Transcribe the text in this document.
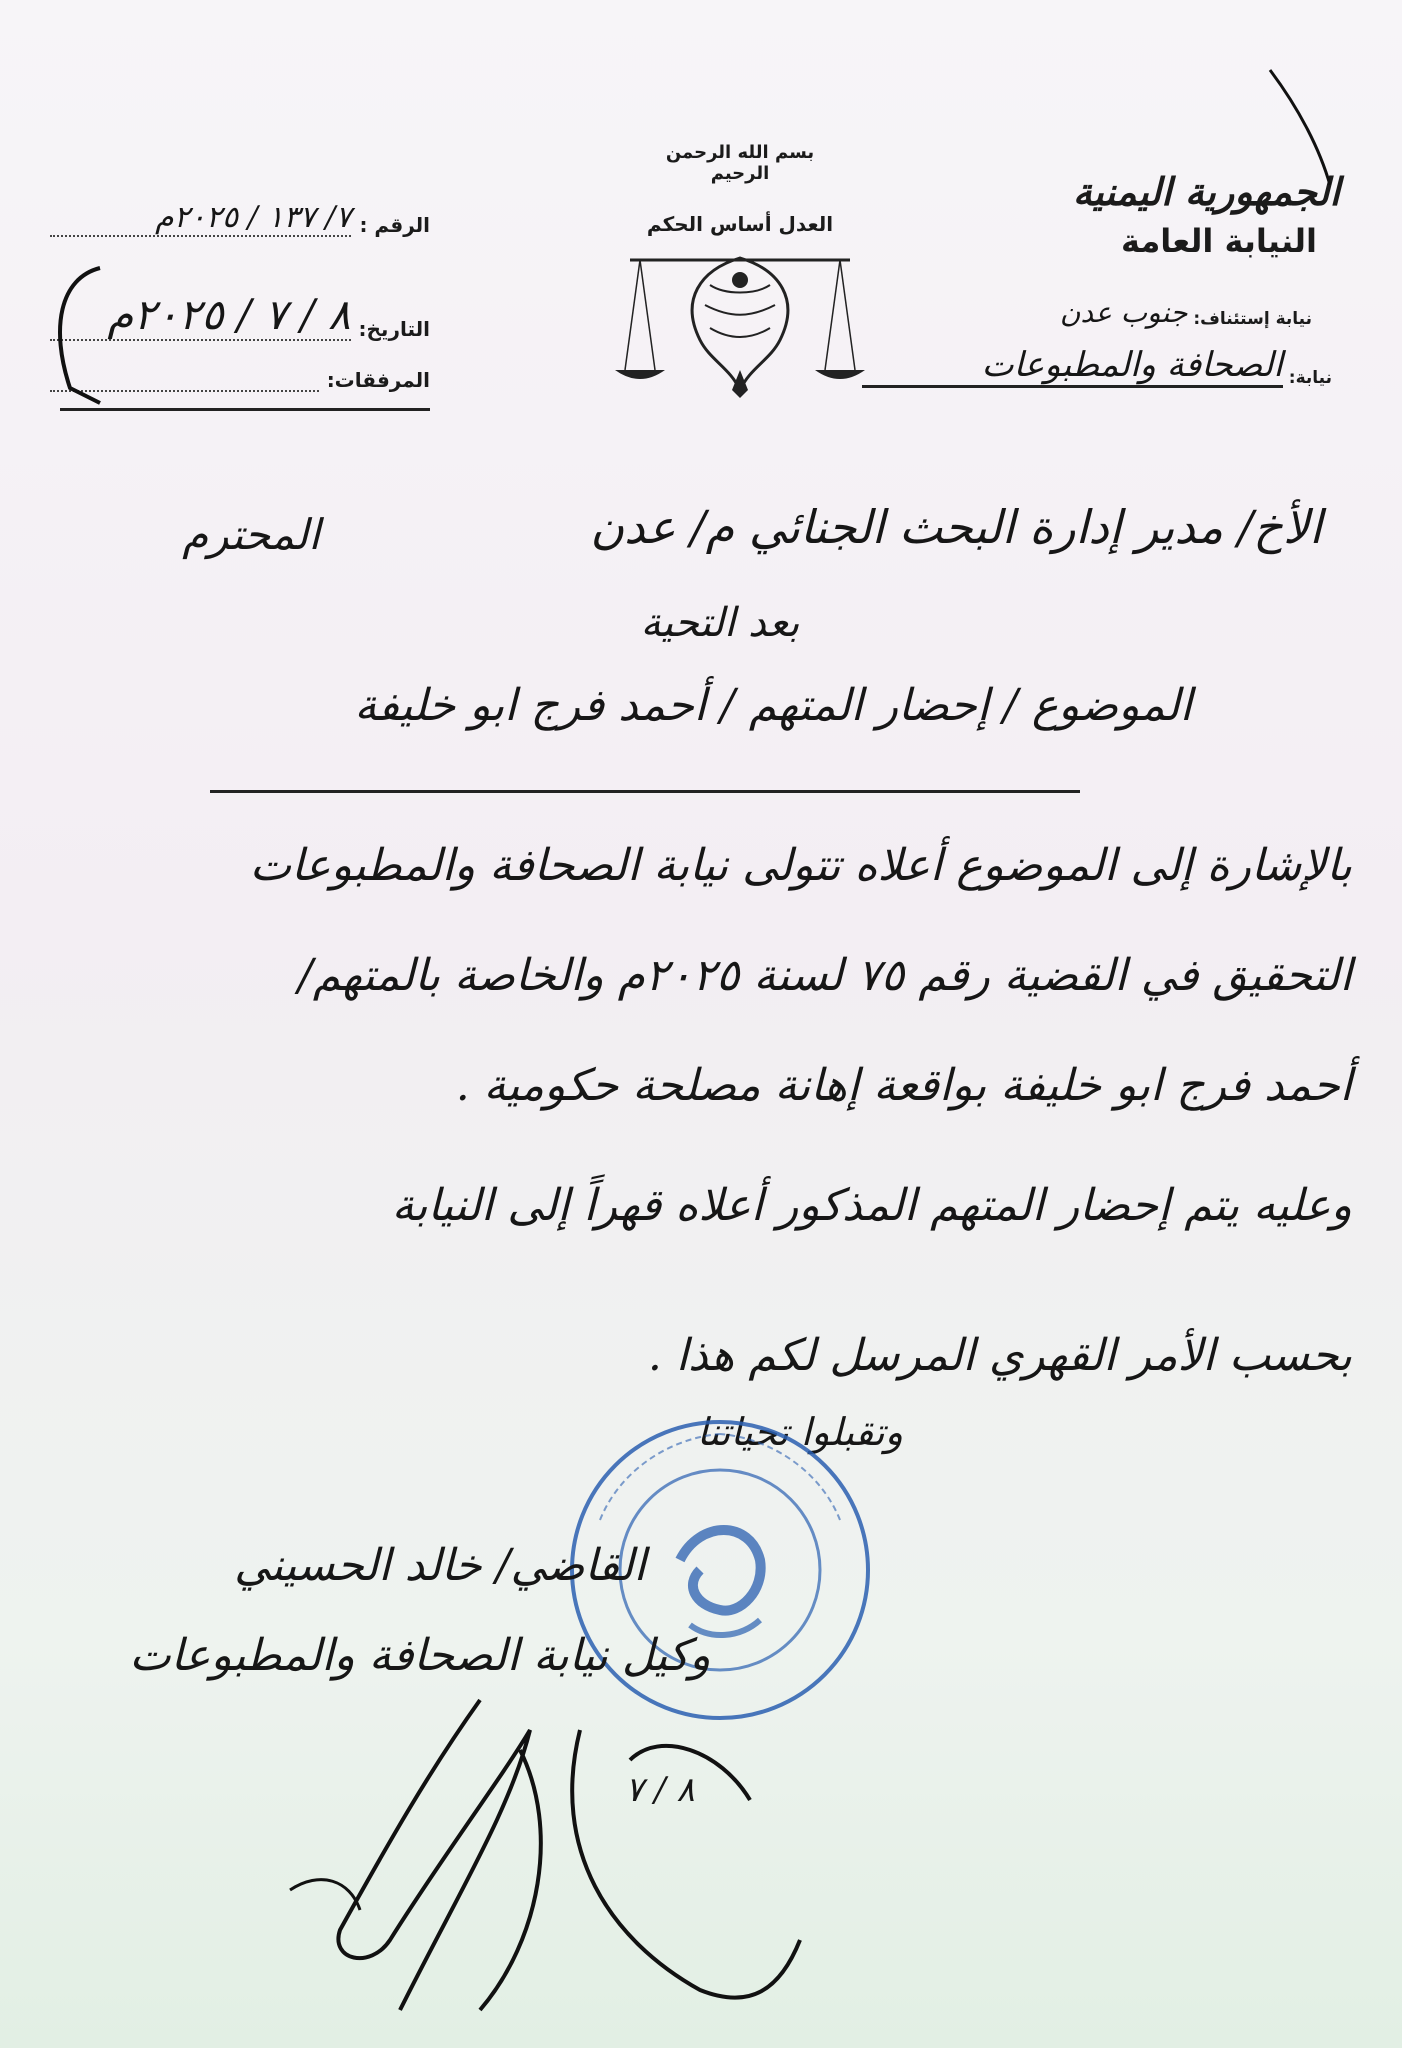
بسم الله الرحمن الرحيم
العدل أساس الحكم
الجمهورية اليمنية
النيابة العامة
نيابة إستئناف:
جنوب عدن
نيابة:
الصحافة والمطبوعات
الرقم :
٧/ ١٣٧ / ٢٠٢٥م
التاريخ:
٨ / ٧ / ٢٠٢٥م
المرفقات:
الأخ/ مدير إدارة البحث الجنائي م/ عدن
المحترم
بعد التحية
الموضوع / إحضار المتهم / أحمد فرج ابو خليفة
بالإشارة إلى الموضوع أعلاه تتولى نيابة الصحافة والمطبوعات
التحقيق في القضية رقم ٧٥ لسنة ٢٠٢٥م والخاصة بالمتهم/
أحمد فرج ابو خليفة بواقعة إهانة مصلحة حكومية .
وعليه يتم إحضار المتهم المذكور أعلاه قهراً إلى النيابة
بحسب الأمر القهري المرسل لكم هذا .
وتقبلوا تحياتنا
القاضي/ خالد الحسيني
وكيل نيابة الصحافة والمطبوعات
٨ / ٧
